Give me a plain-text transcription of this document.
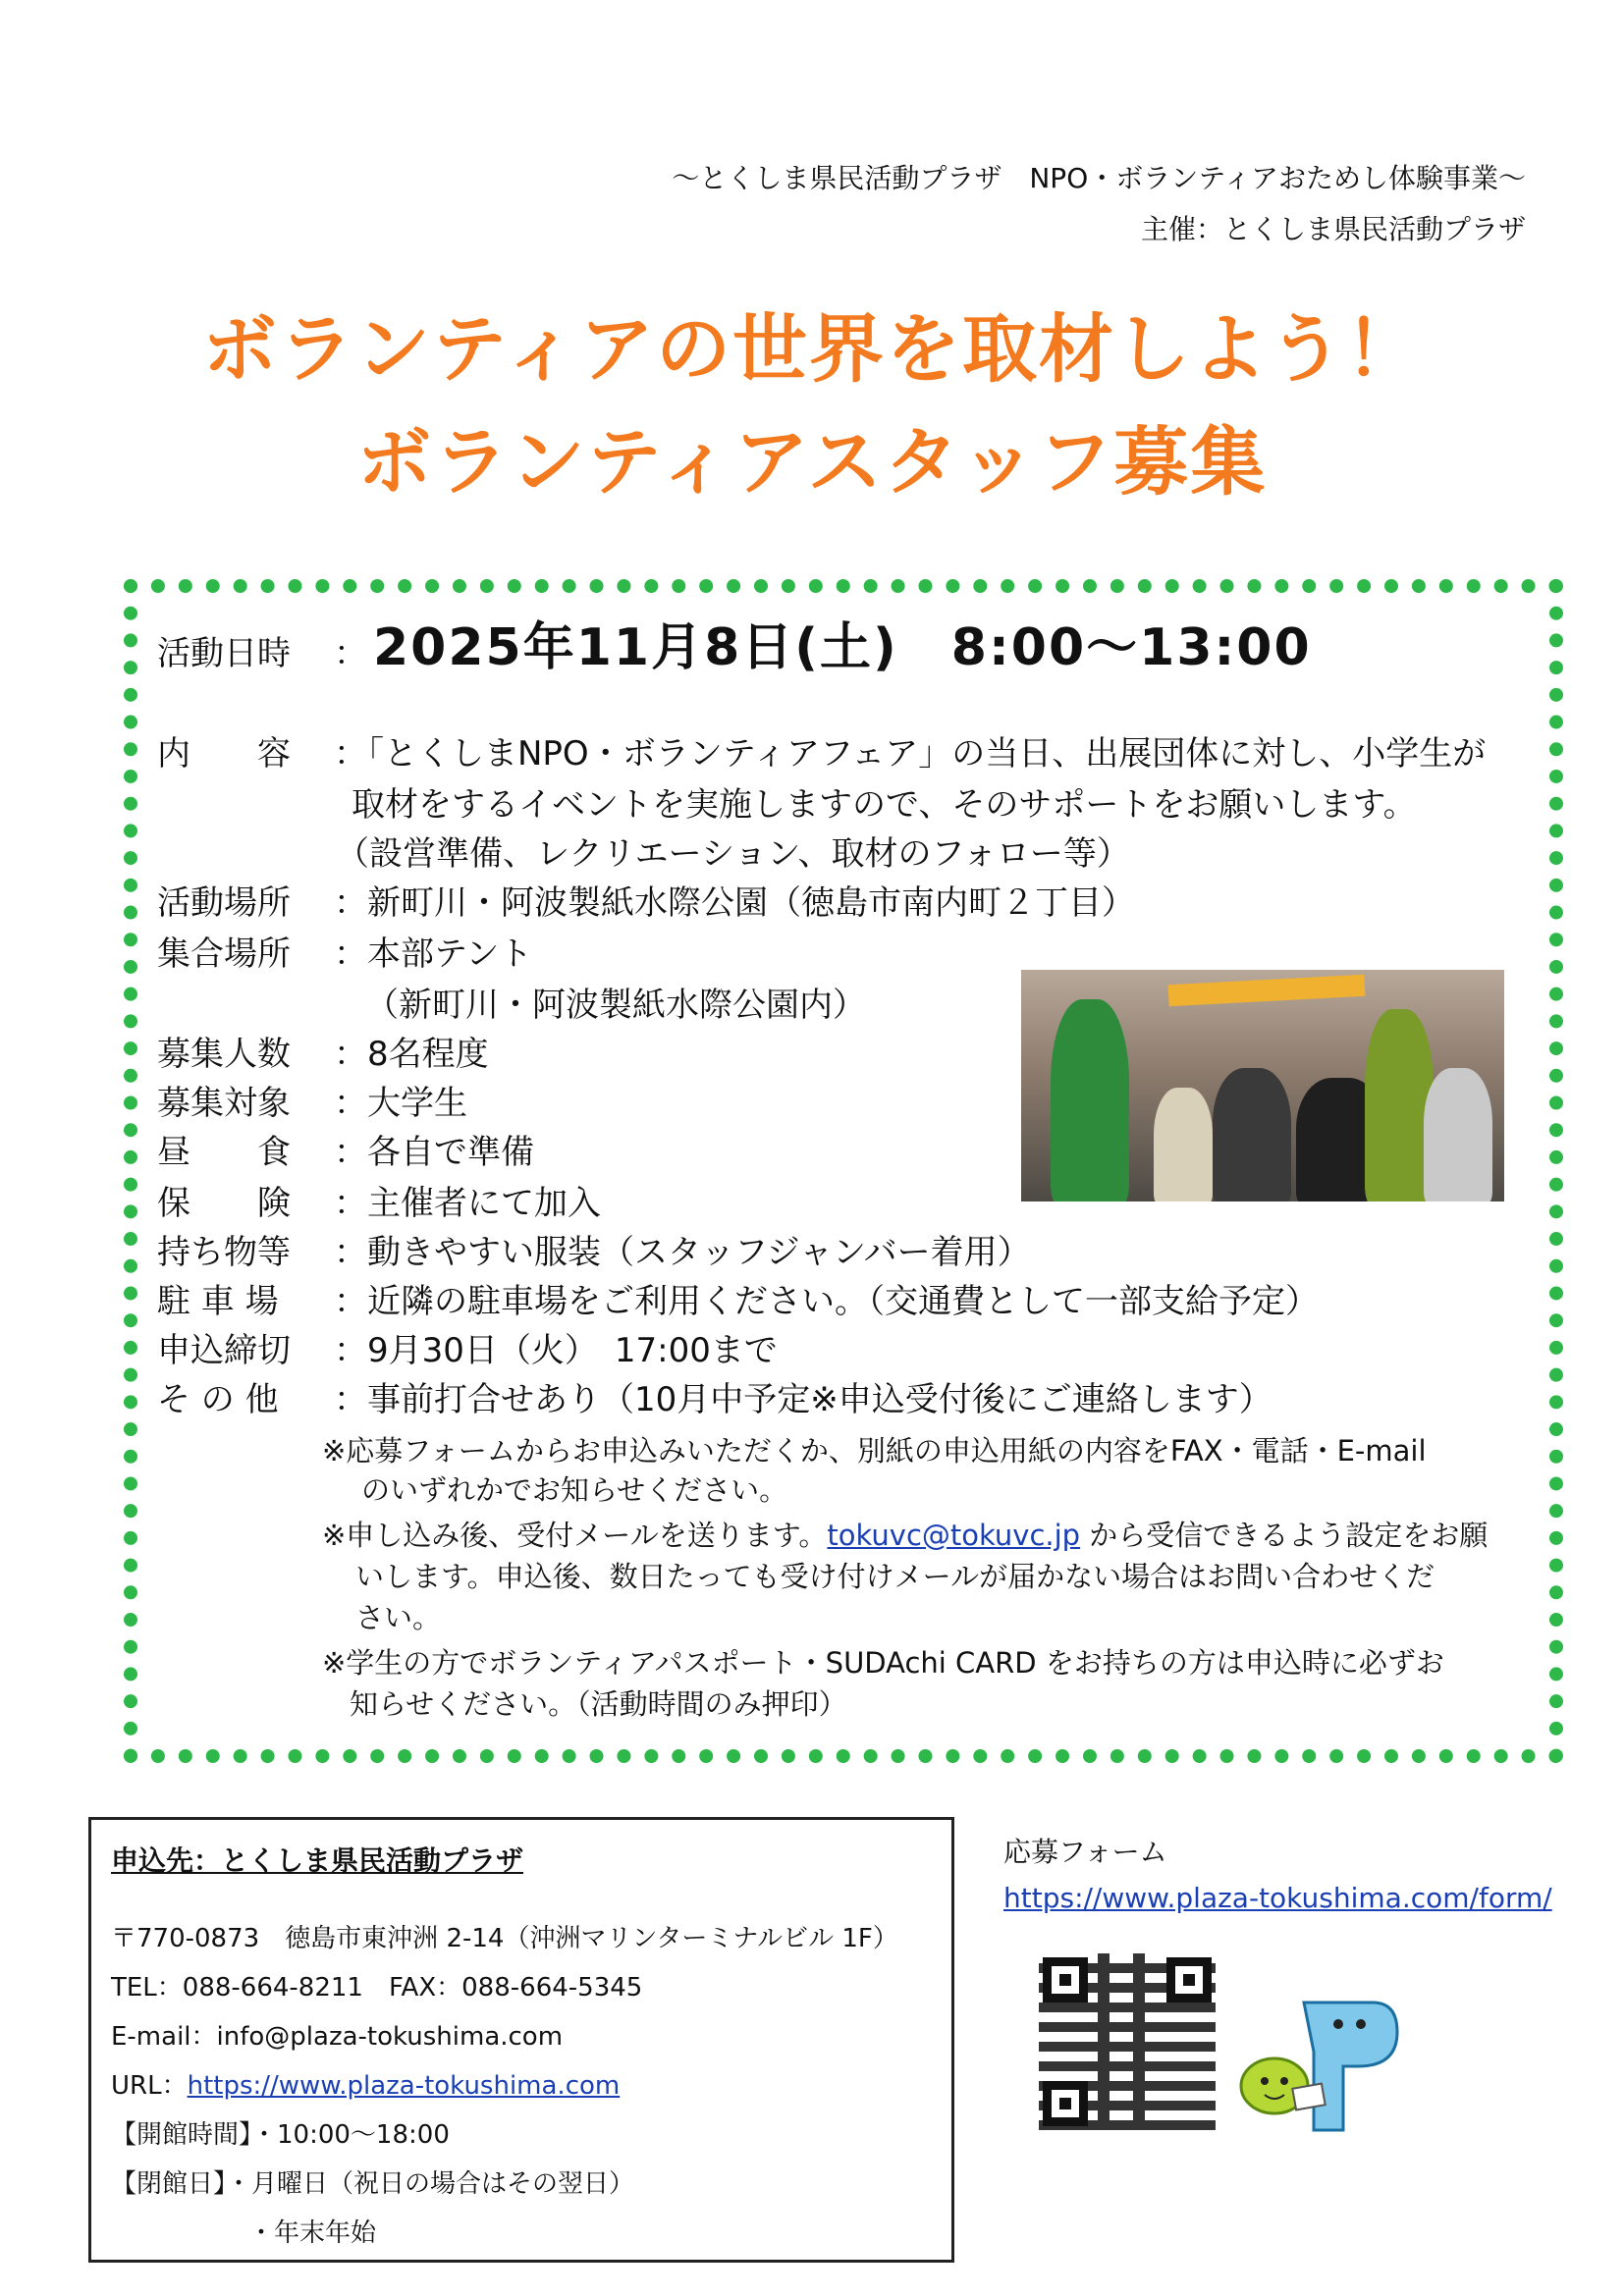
～とくしま県民活動プラザ　NPO・ボランティアおためし体験事業～
主催：とくしま県民活動プラザ
ボランティアの世界を取材しよう！
ボランティアスタッフ募集
活動日時 ： 2025年11月8日(土)　8:00～13:00
内　　容 ：「とくしまNPO・ボランティアフェア」の当日、出展団体に対し、小学生が
取材をするイベントを実施しますので、そのサポートをお願いします。
（設営準備、レクリエーション、取材のフォロー等）
活動場所 ：新町川・阿波製紙水際公園（徳島市南内町２丁目）
集合場所 ：本部テント
（新町川・阿波製紙水際公園内）
募集人数 ：8名程度
募集対象 ：大学生
昼　　食 ：各自で準備
保　　険 ：主催者にて加入
持ち物等 ：動きやすい服装（スタッフジャンバー着用）
駐 車 場 ：近隣の駐車場をご利用ください。（交通費として一部支給予定）
申込締切 ：9月30日（火）　17:00まで
そ の 他 ：事前打合せあり（10月中予定※申込受付後にご連絡します）
※応募フォームからお申込みいただくか、別紙の申込用紙の内容をFAX・電話・E-mail
のいずれかでお知らせください。
※申し込み後、受付メールを送ります。tokuvc@tokuvc.jp から受信できるよう設定をお願
いします。申込後、数日たっても受け付けメールが届かない場合はお問い合わせくだ
さい。
※学生の方でボランティアパスポート・SUDAchi CARD をお持ちの方は申込時に必ずお
知らせください。（活動時間のみ押印）
申込先：とくしま県民活動プラザ
〒770-0873　徳島市東沖洲 2-14（沖洲マリンターミナルビル 1F）
TEL：088-664-8211　FAX：088-664-5345
E-mail：info@plaza-tokushima.com
URL：https://www.plaza-tokushima.com
【開館時間】・10:00～18:00
【閉館日】・月曜日（祝日の場合はその翌日）
・年末年始
応募フォーム
https://www.plaza-tokushima.com/form/
